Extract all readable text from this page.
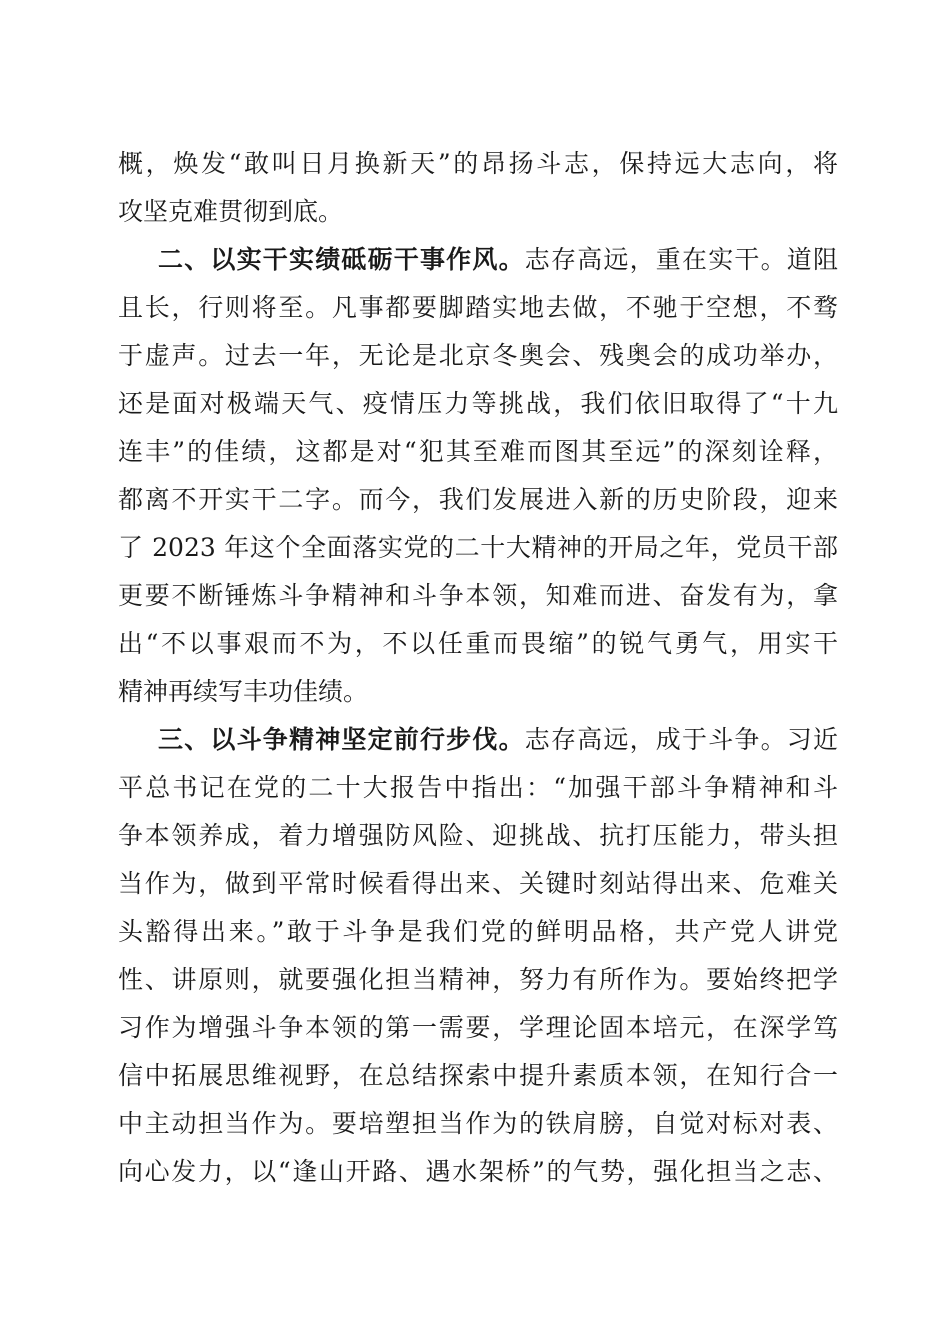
概，焕发“敢叫日月换新天”的昂扬斗志，保持远大志向，将
攻坚克难贯彻到底。
二、以实干实绩砥砺干事作风。志存高远，重在实干。道阻
且长，行则将至。凡事都要脚踏实地去做，不驰于空想，不骛
于虚声。过去一年，无论是北京冬奥会、残奥会的成功举办，
还是面对极端天气、疫情压力等挑战，我们依旧取得了“十九
连丰”的佳绩，这都是对“犯其至难而图其至远”的深刻诠释，
都离不开实干二字。而今，我们发展进入新的历史阶段，迎来
了 2023 年这个全面落实党的二十大精神的开局之年，党员干部
更要不断锤炼斗争精神和斗争本领，知难而进、奋发有为，拿
出“不以事艰而不为，不以任重而畏缩”的锐气勇气，用实干
精神再续写丰功佳绩。
三、以斗争精神坚定前行步伐。志存高远，成于斗争。习近
平总书记在党的二十大报告中指出：“加强干部斗争精神和斗
争本领养成，着力增强防风险、迎挑战、抗打压能力，带头担
当作为，做到平常时候看得出来、关键时刻站得出来、危难关
头豁得出来。”敢于斗争是我们党的鲜明品格，共产党人讲党
性、讲原则，就要强化担当精神，努力有所作为。要始终把学
习作为增强斗争本领的第一需要，学理论固本培元，在深学笃
信中拓展思维视野，在总结探索中提升素质本领，在知行合一
中主动担当作为。要培塑担当作为的铁肩膀，自觉对标对表、
向心发力，以“逢山开路、遇水架桥”的气势，强化担当之志、
